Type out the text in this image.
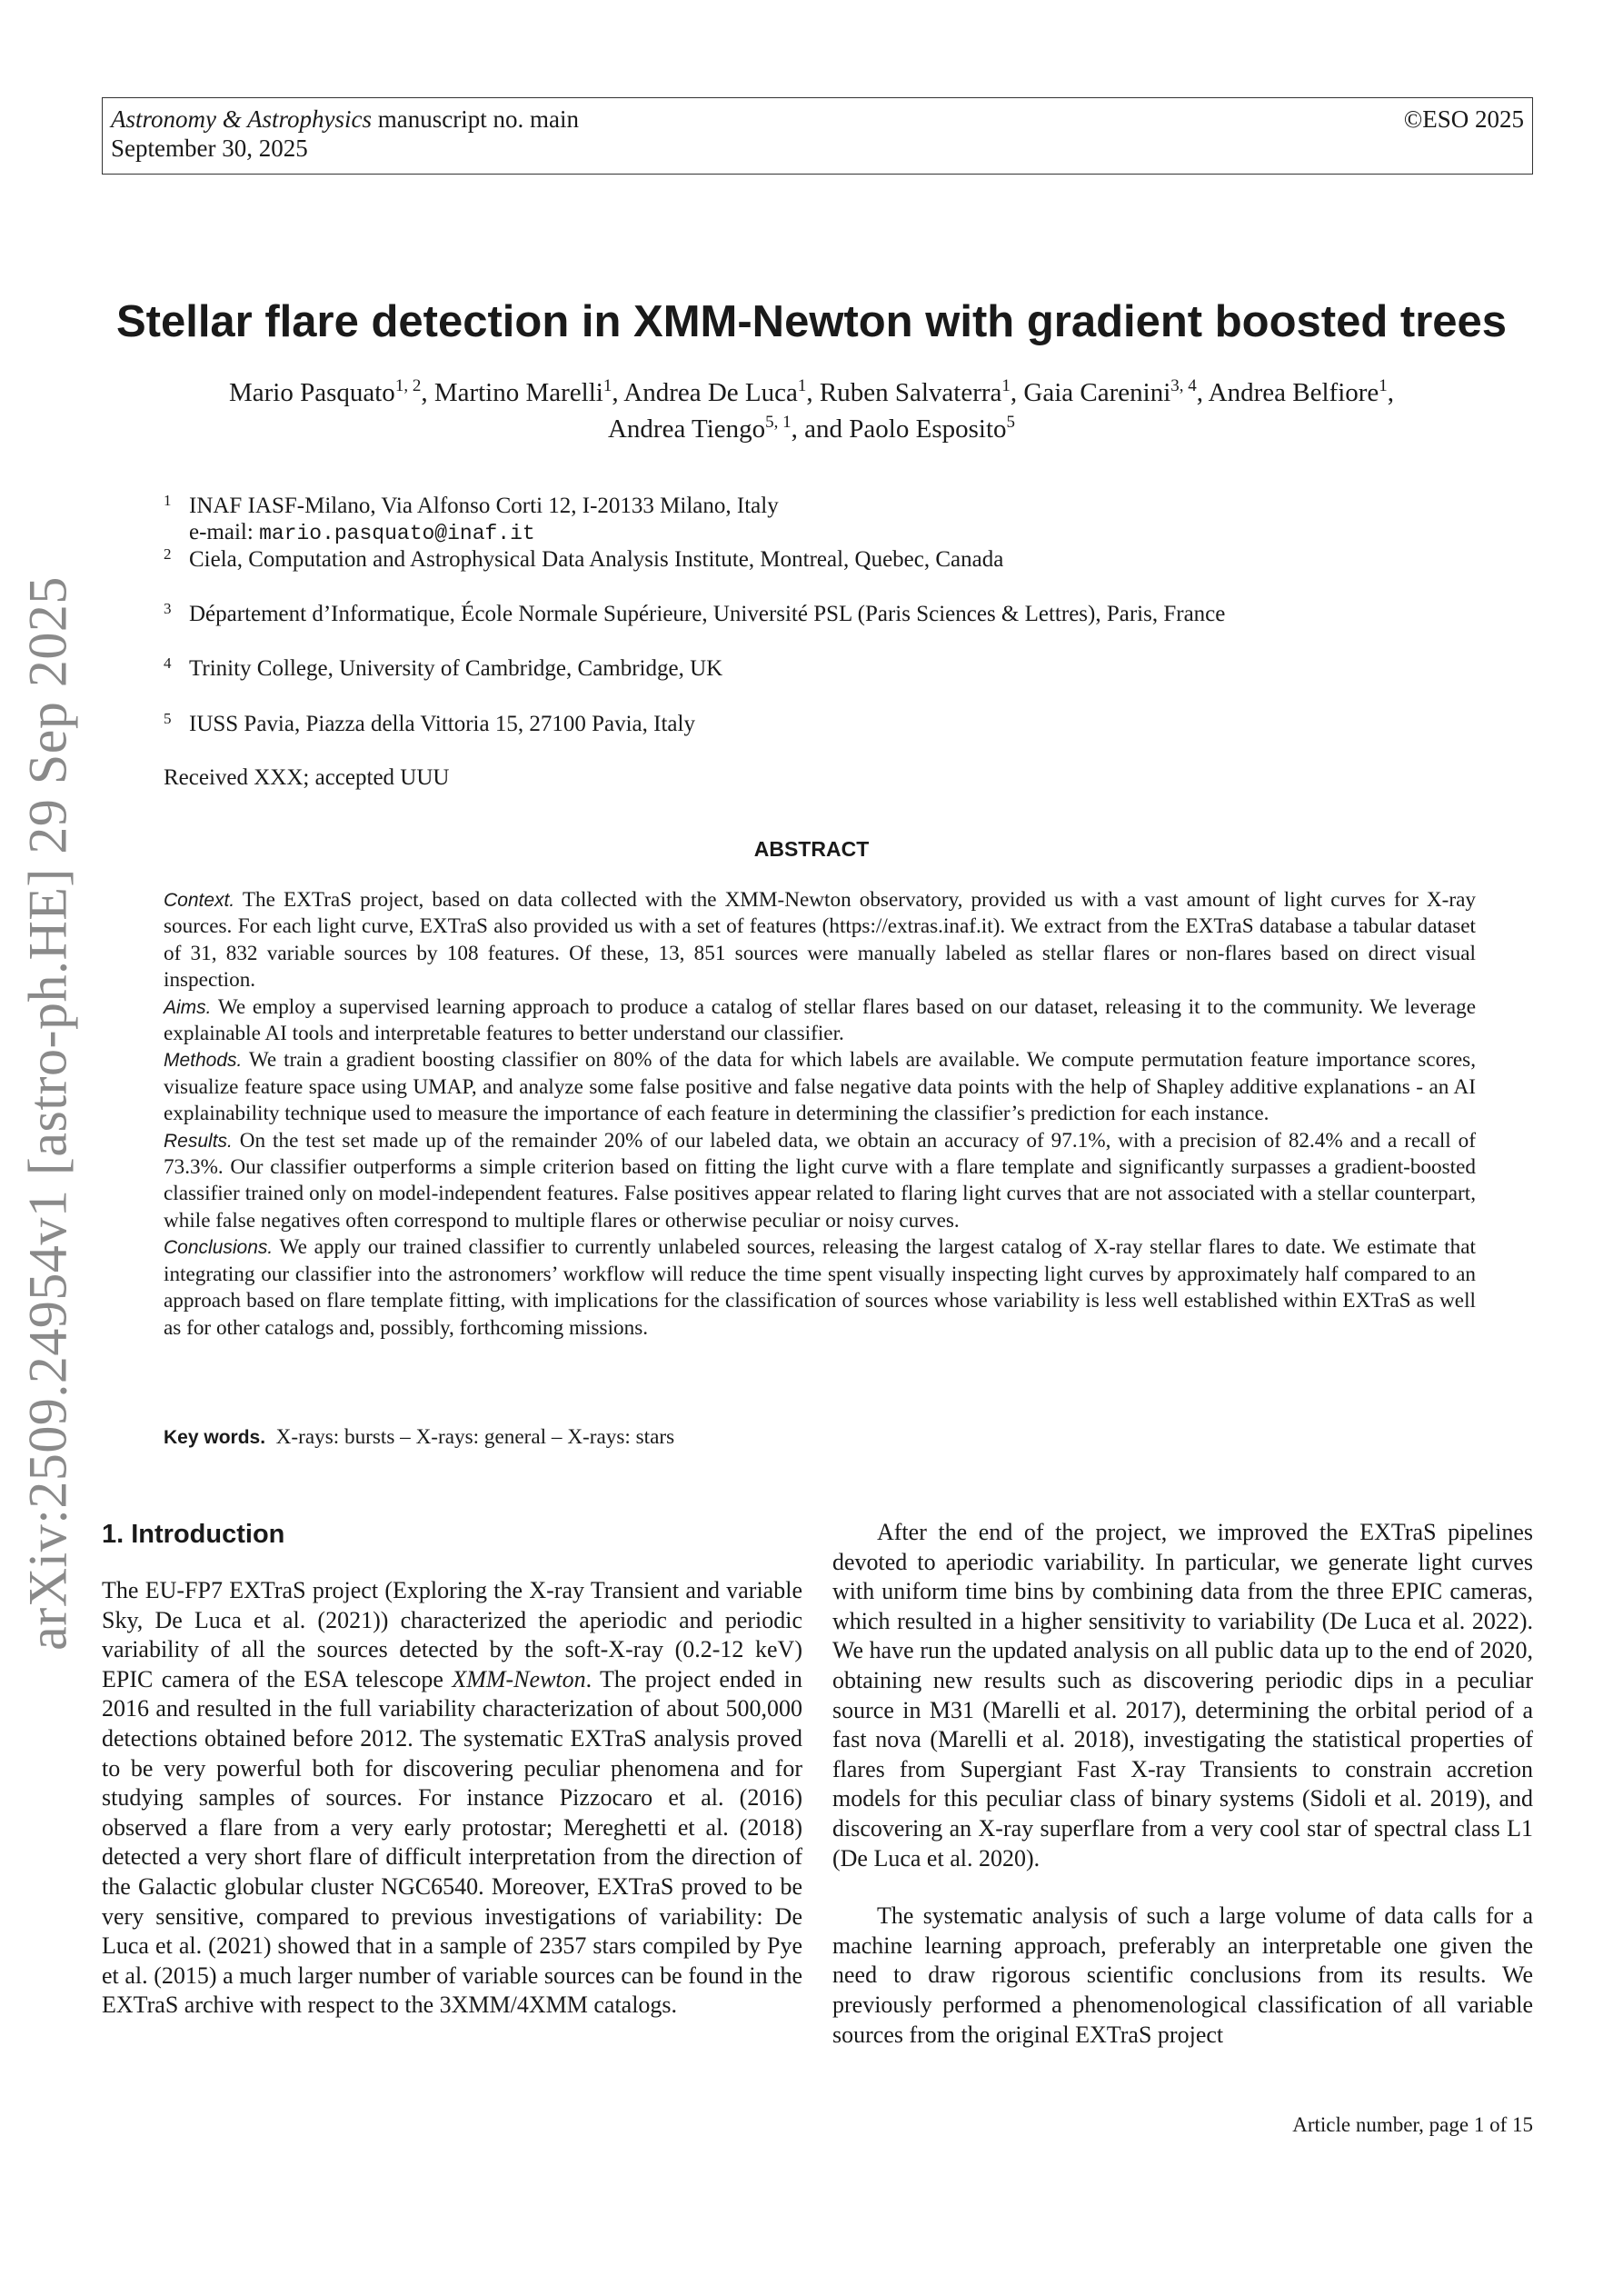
Astronomy & Astrophysics manuscript no. main
September 30, 2025
©ESO 2025
arXiv:2509.24954v1 [astro-ph.HE] 29 Sep 2025
Stellar flare detection in XMM-Newton with gradient boosted trees
Mario Pasquato$^{1, 2}$, Martino Marelli$^1$, Andrea De Luca$^1$, Ruben Salvaterra$^1$, Gaia Carenini$^{3, 4}$, Andrea Belfiore$^1$,
Andrea Tiengo$^{5, 1}$, and Paolo Esposito$^5$
1 INAF IASF-Milano, Via Alfonso Corti 12, I-20133 Milano, Italy
e-mail: mario.pasquato@inaf.it
2 Ciela, Computation and Astrophysical Data Analysis Institute, Montreal, Quebec, Canada
3 Département d’Informatique, École Normale Supérieure, Université PSL (Paris Sciences & Lettres), Paris, France
4 Trinity College, University of Cambridge, Cambridge, UK
5 IUSS Pavia, Piazza della Vittoria 15, 27100 Pavia, Italy
Received XXX; accepted UUU
ABSTRACT

Context. The EXTraS project, based on data collected with the XMM-Newton observatory, provided us with a vast amount of light curves for X-ray sources. For each light curve, EXTraS also provided us with a set of features (https://extras.inaf.it). We extract from the EXTraS database a tabular dataset of 31, 832 variable sources by 108 features. Of these, 13, 851 sources were manually labeled as stellar flares or non-flares based on direct visual inspection.

Aims. We employ a supervised learning approach to produce a catalog of stellar flares based on our dataset, releasing it to the community. We leverage explainable AI tools and interpretable features to better understand our classifier.

Methods. We train a gradient boosting classifier on 80% of the data for which labels are available. We compute permutation feature importance scores, visualize feature space using UMAP, and analyze some false positive and false negative data points with the help of Shapley additive explanations - an AI explainability technique used to measure the importance of each feature in determining the classifier’s prediction for each instance.

Results. On the test set made up of the remainder 20% of our labeled data, we obtain an accuracy of 97.1%, with a precision of 82.4% and a recall of 73.3%. Our classifier outperforms a simple criterion based on fitting the light curve with a flare template and significantly surpasses a gradient-boosted classifier trained only on model-independent features. False positives appear related to flaring light curves that are not associated with a stellar counterpart, while false negatives often correspond to multiple flares or otherwise peculiar or noisy curves.

Conclusions. We apply our trained classifier to currently unlabeled sources, releasing the largest catalog of X-ray stellar flares to date. We estimate that integrating our classifier into the astronomers’ workflow will reduce the time spent visually inspecting light curves by approximately half compared to an approach based on flare template fitting, with implications for the classification of sources whose variability is less well established within EXTraS as well as for other catalogs and, possibly, forthcoming missions.

Key words. X-rays: bursts – X-rays: general – X-rays: stars
1. Introduction

The EU-FP7 EXTraS project (Exploring the X-ray Transient and variable Sky, De Luca et al. (2021)) characterized the aperiodic and periodic variability of all the sources detected by the soft-X-ray (0.2-12 keV) EPIC camera of the ESA telescope XMM-Newton. The project ended in 2016 and resulted in the full variability characterization of about 500,000 detections obtained before 2012. The systematic EXTraS analysis proved to be very powerful both for discovering peculiar phenomena and for studying samples of sources. For instance Pizzocaro et al. (2016) observed a flare from a very early protostar; Mereghetti et al. (2018) detected a very short flare of difficult interpretation from the direction of the Galactic globular cluster NGC6540. Moreover, EXTraS proved to be very sensitive, compared to previous investigations of variability: De Luca et al. (2021) showed that in a sample of 2357 stars compiled by Pye et al. (2015) a much larger number of variable sources can be found in the EXTraS archive with respect to the 3XMM/4XMM catalogs.

After the end of the project, we improved the EXTraS pipelines devoted to aperiodic variability. In particular, we generate light curves with uniform time bins by combining data from the three EPIC cameras, which resulted in a higher sensitivity to variability (De Luca et al. 2022). We have run the updated analysis on all public data up to the end of 2020, obtaining new results such as discovering periodic dips in a peculiar source in M31 (Marelli et al. 2017), determining the orbital period of a fast nova (Marelli et al. 2018), investigating the statistical properties of flares from Supergiant Fast X-ray Transients to constrain accretion models for this peculiar class of binary systems (Sidoli et al. 2019), and discovering an X-ray superflare from a very cool star of spectral class L1 (De Luca et al. 2020).

The systematic analysis of such a large volume of data calls for a machine learning approach, preferably an interpretable one given the need to draw rigorous scientific conclusions from its results. We previously performed a phenomenological classification of all variable sources from the original EXTraS project

Article number, page 1 of 15
